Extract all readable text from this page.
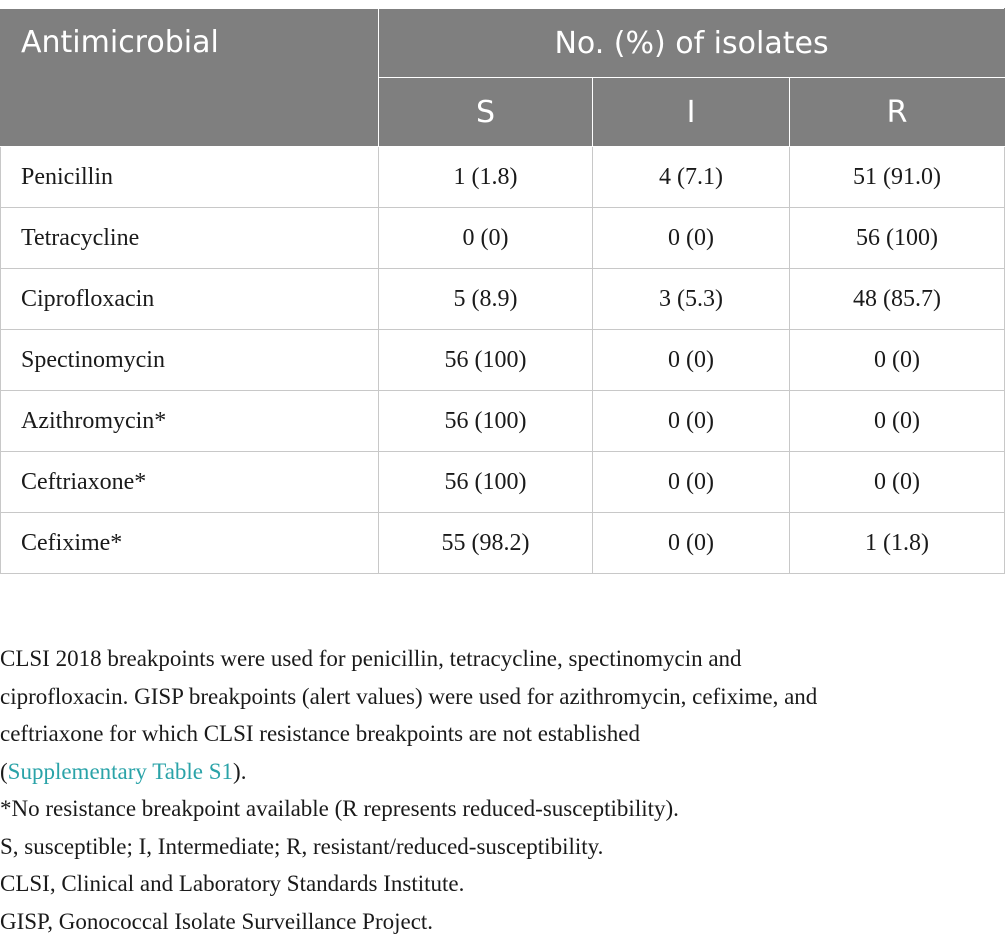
Antimicrobial	No. (%) of isolates		
	S	I	R
Penicillin	1 (1.8)	4 (7.1)	51 (91.0)
Tetracycline	0 (0)	0 (0)	56 (100)
Ciprofloxacin	5 (8.9)	3 (5.3)	48 (85.7)
Spectinomycin	56 (100)	0 (0)	0 (0)
Azithromycin*	56 (100)	0 (0)	0 (0)
Ceftriaxone*	56 (100)	0 (0)	0 (0)
Cefixime*	55 (98.2)	0 (0)	1 (1.8)

CLSI 2018 breakpoints were used for penicillin, tetracycline, spectinomycin and

ciprofloxacin. GISP breakpoints (alert values) were used for azithromycin, cefixime, and

ceftriaxone for which CLSI resistance breakpoints are not established

(Supplementary Table S1).

*No resistance breakpoint available (R represents reduced-susceptibility).

S, susceptible; I, Intermediate; R, resistant/reduced-susceptibility.

CLSI, Clinical and Laboratory Standards Institute.

GISP, Gonococcal Isolate Surveillance Project.
